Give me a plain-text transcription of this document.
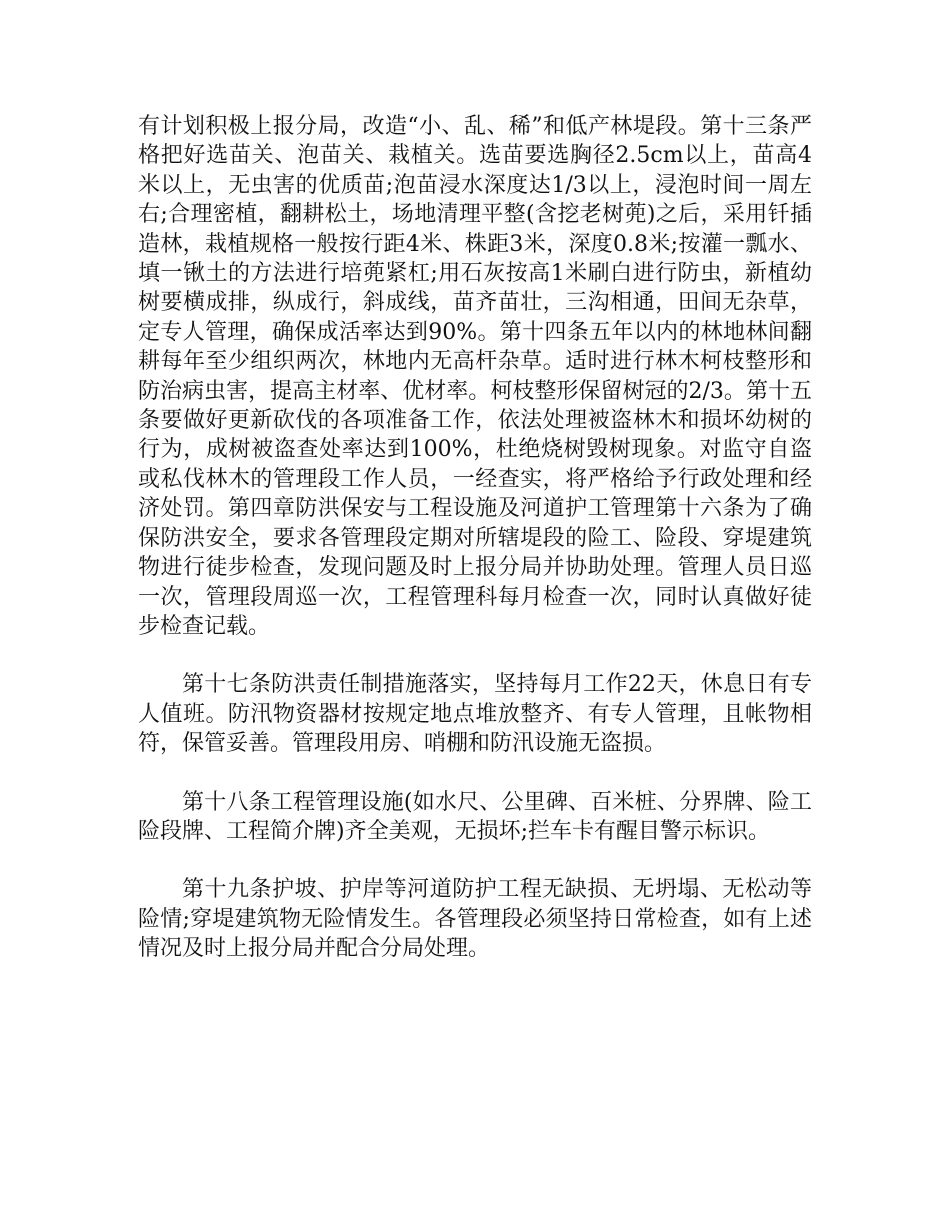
有计划积极上报分局，改造“小、乱、稀”和低产林堤段。第十三条严格把好选苗关、泡苗关、栽植关。选苗要选胸径2.5cm以上，苗高4米以上，无虫害的优质苗;泡苗浸水深度达1/3以上，浸泡时间一周左右;合理密植，翻耕松土，场地清理平整(含挖老树蔸)之后，采用钎插造林，栽植规格一般按行距4米、株距3米，深度0.8米;按灌一瓢水、填一锹土的方法进行培蔸紧杠;用石灰按高1米刷白进行防虫，新植幼树要横成排，纵成行，斜成线，苗齐苗壮，三沟相通，田间无杂草，定专人管理，确保成活率达到90%。第十四条五年以内的林地林间翻耕每年至少组织两次，林地内无高杆杂草。适时进行林木柯枝整形和防治病虫害，提高主材率、优材率。柯枝整形保留树冠的2/3。第十五条要做好更新砍伐的各项准备工作，依法处理被盗林木和损坏幼树的行为，成树被盗查处率达到100%，杜绝烧树毁树现象。对监守自盗或私伐林木的管理段工作人员，一经查实，将严格给予行政处理和经济处罚。第四章防洪保安与工程设施及河道护工管理第十六条为了确保防洪安全，要求各管理段定期对所辖堤段的险工、险段、穿堤建筑物进行徒步检查，发现问题及时上报分局并协助处理。管理人员日巡一次，管理段周巡一次，工程管理科每月检查一次，同时认真做好徒步检查记载。

第十七条防洪责任制措施落实，坚持每月工作22天，休息日有专人值班。防汛物资器材按规定地点堆放整齐、有专人管理，且帐物相符，保管妥善。管理段用房、哨棚和防汛设施无盗损。

第十八条工程管理设施(如水尺、公里碑、百米桩、分界牌、险工险段牌、工程简介牌)齐全美观，无损坏;拦车卡有醒目警示标识。

第十九条护坡、护岸等河道防护工程无缺损、无坍塌、无松动等险情;穿堤建筑物无险情发生。各管理段必须坚持日常检查，如有上述情况及时上报分局并配合分局处理。
